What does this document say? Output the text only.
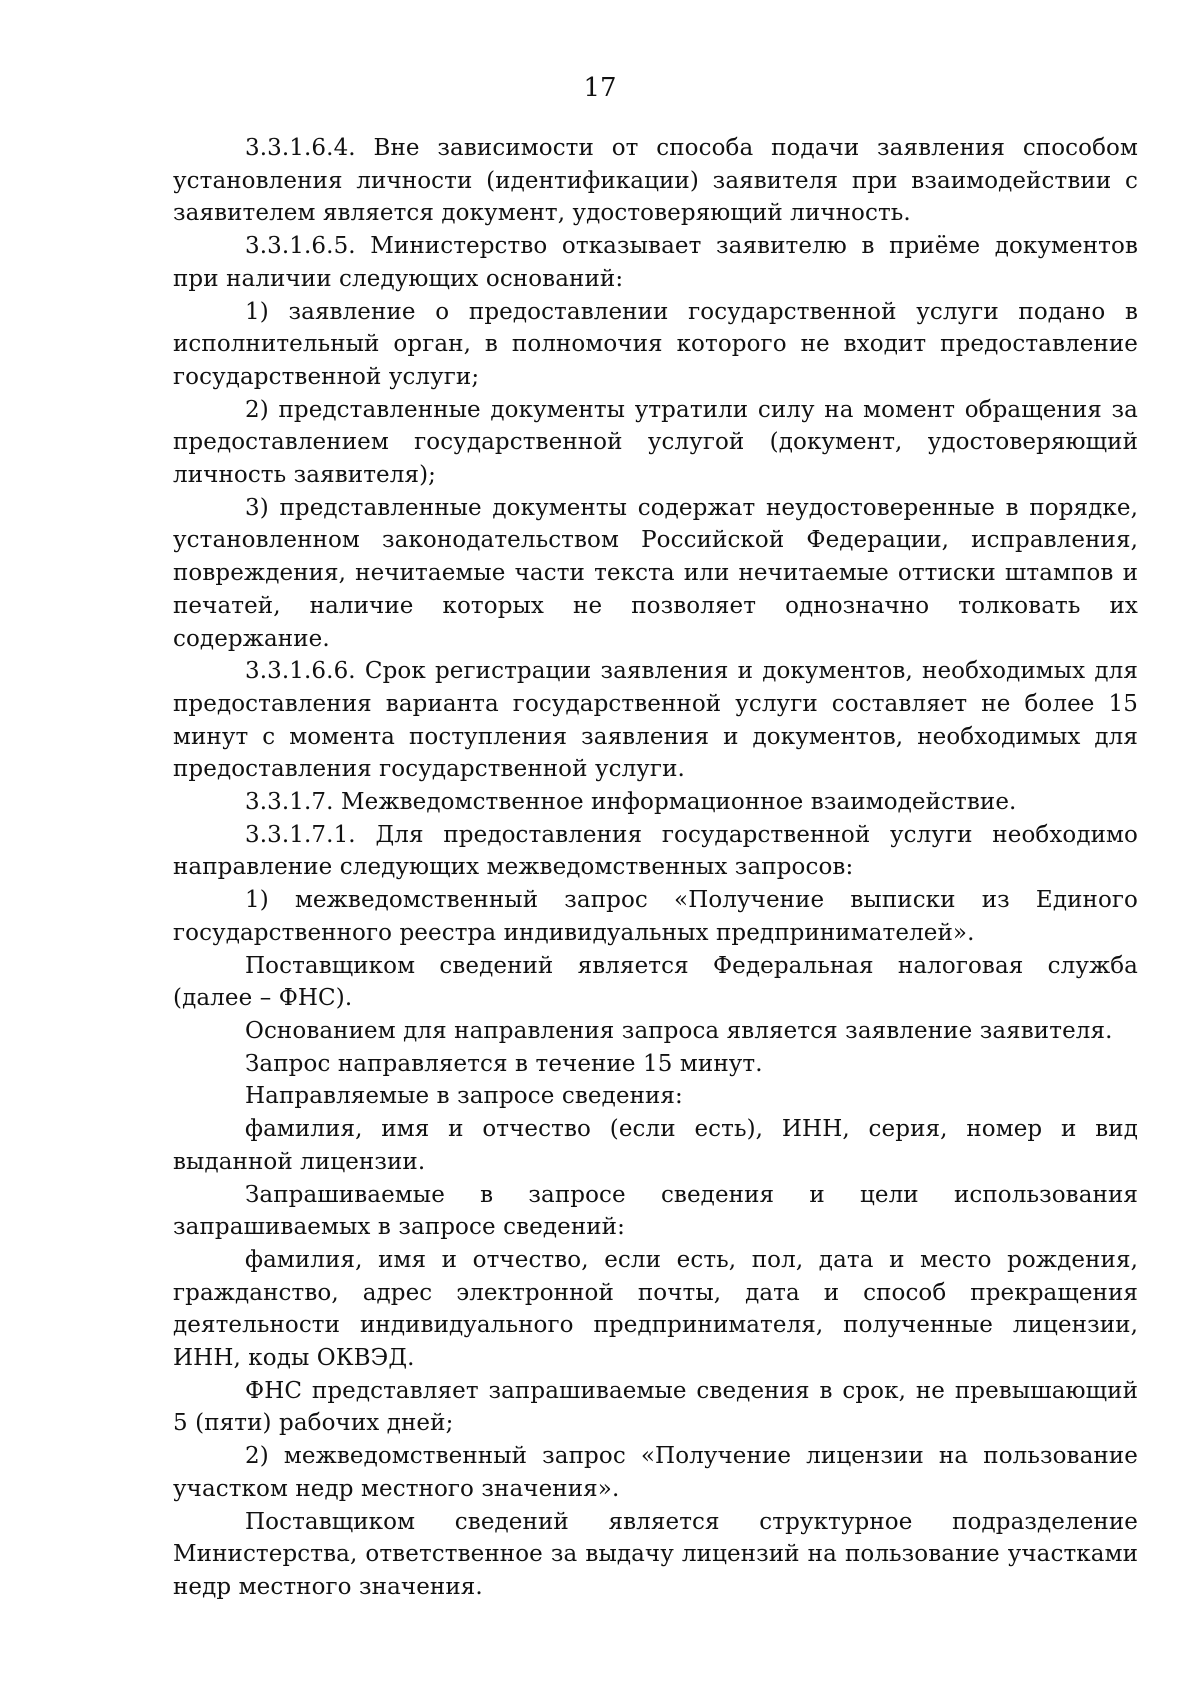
17

3.3.1.6.4. Вне зависимости от способа подачи заявления способом установления личности (идентификации) заявителя при взаимодействии с заявителем является документ, удостоверяющий личность.

3.3.1.6.5. Министерство отказывает заявителю в приёме документов при наличии следующих оснований:

1) заявление о предоставлении государственной услуги подано в исполнительный орган, в полномочия которого не входит предоставление государственной услуги;

2) представленные документы утратили силу на момент обращения за предоставлением государственной услугой (документ, удостоверяющий личность заявителя);

3) представленные документы содержат неудостоверенные в порядке, установленном законодательством Российской Федерации, исправления, повреждения, нечитаемые части текста или нечитаемые оттиски штампов и печатей, наличие которых не позволяет однозначно толковать их содержание.

3.3.1.6.6. Срок регистрации заявления и документов, необходимых для предоставления варианта государственной услуги составляет не более 15 минут с момента поступления заявления и документов, необходимых для предоставления государственной услуги.

3.3.1.7. Межведомственное информационное взаимодействие.

3.3.1.7.1. Для предоставления государственной услуги необходимо направление следующих межведомственных запросов:

1) межведомственный запрос «Получение выписки из Единого государственного реестра индивидуальных предпринимателей».

Поставщиком сведений является Федеральная налоговая служба (далее – ФНС).

Основанием для направления запроса является заявление заявителя.

Запрос направляется в течение 15 минут.

Направляемые в запросе сведения:

фамилия, имя и отчество (если есть), ИНН, серия, номер и вид выданной лицензии.

Запрашиваемые в запросе сведения и цели использования запрашиваемых в запросе сведений:

фамилия, имя и отчество, если есть, пол, дата и место рождения, гражданство, адрес электронной почты, дата и способ прекращения деятельности индивидуального предпринимателя, полученные лицензии, ИНН, коды ОКВЭД.

ФНС представляет запрашиваемые сведения в срок, не превышающий 5 (пяти) рабочих дней;

2) межведомственный запрос «Получение лицензии на пользование участком недр местного значения».

Поставщиком сведений является структурное подразделение Министерства, ответственное за выдачу лицензий на пользование участками недр местного значения.
